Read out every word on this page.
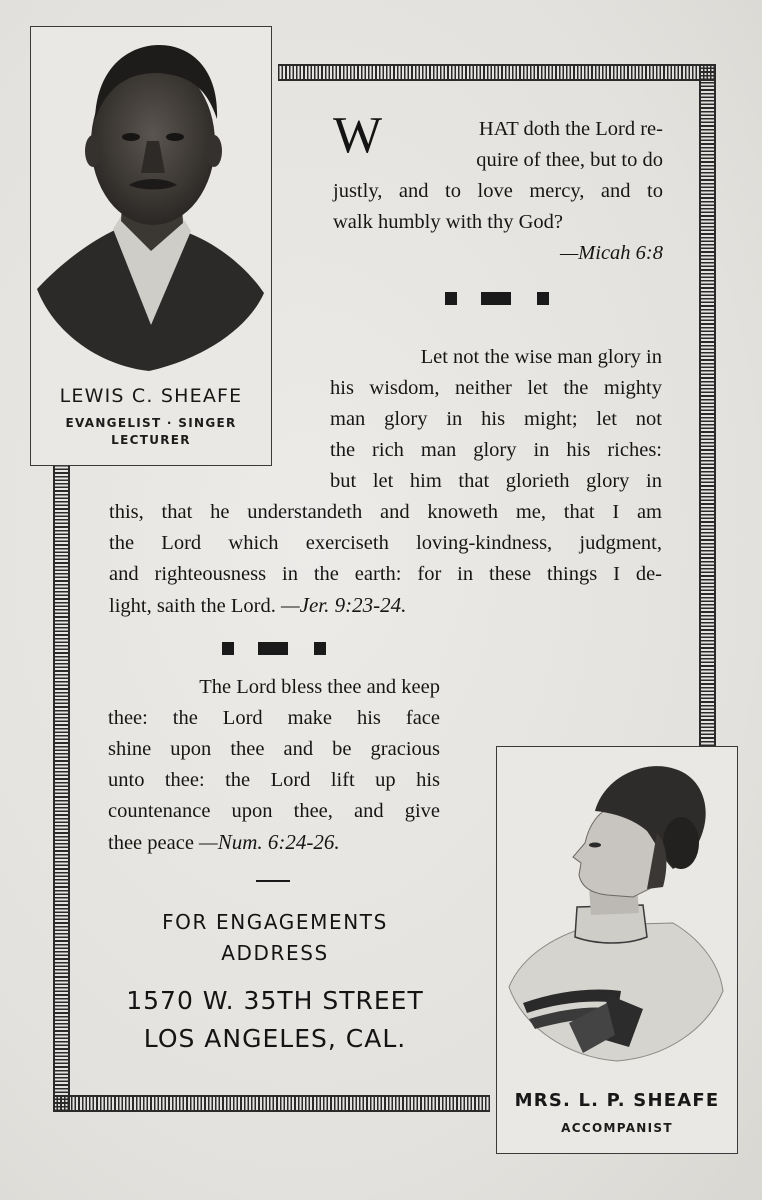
LEWIS C. SHEAFE
EVANGELIST · SINGER
LECTURER
W	HAT doth the Lord re-
quire of thee, but to do
justly, and to love mercy, and to
walk humbly with thy God?
—Micah 6:8
Let not the wise man glory in
his wisdom, neither let the mighty
man glory in his might; let not
the rich man glory in his riches:
but let him that glorieth glory in
this, that he understandeth and knoweth me, that I am
the Lord which exerciseth loving-kindness, judgment,
and righteousness in the earth: for in these things I de-
light, saith the Lord. —Jer. 9:23-24.
The Lord bless thee and keep
thee: the Lord make his face
shine upon thee and be gracious
unto thee: the Lord lift up his
countenance upon thee, and give
thee peace —Num. 6:24-26.
FOR ENGAGEMENTS
ADDRESS
1570 W. 35TH STREET
LOS ANGELES, CAL.
MRS. L. P. SHEAFE
ACCOMPANIST
